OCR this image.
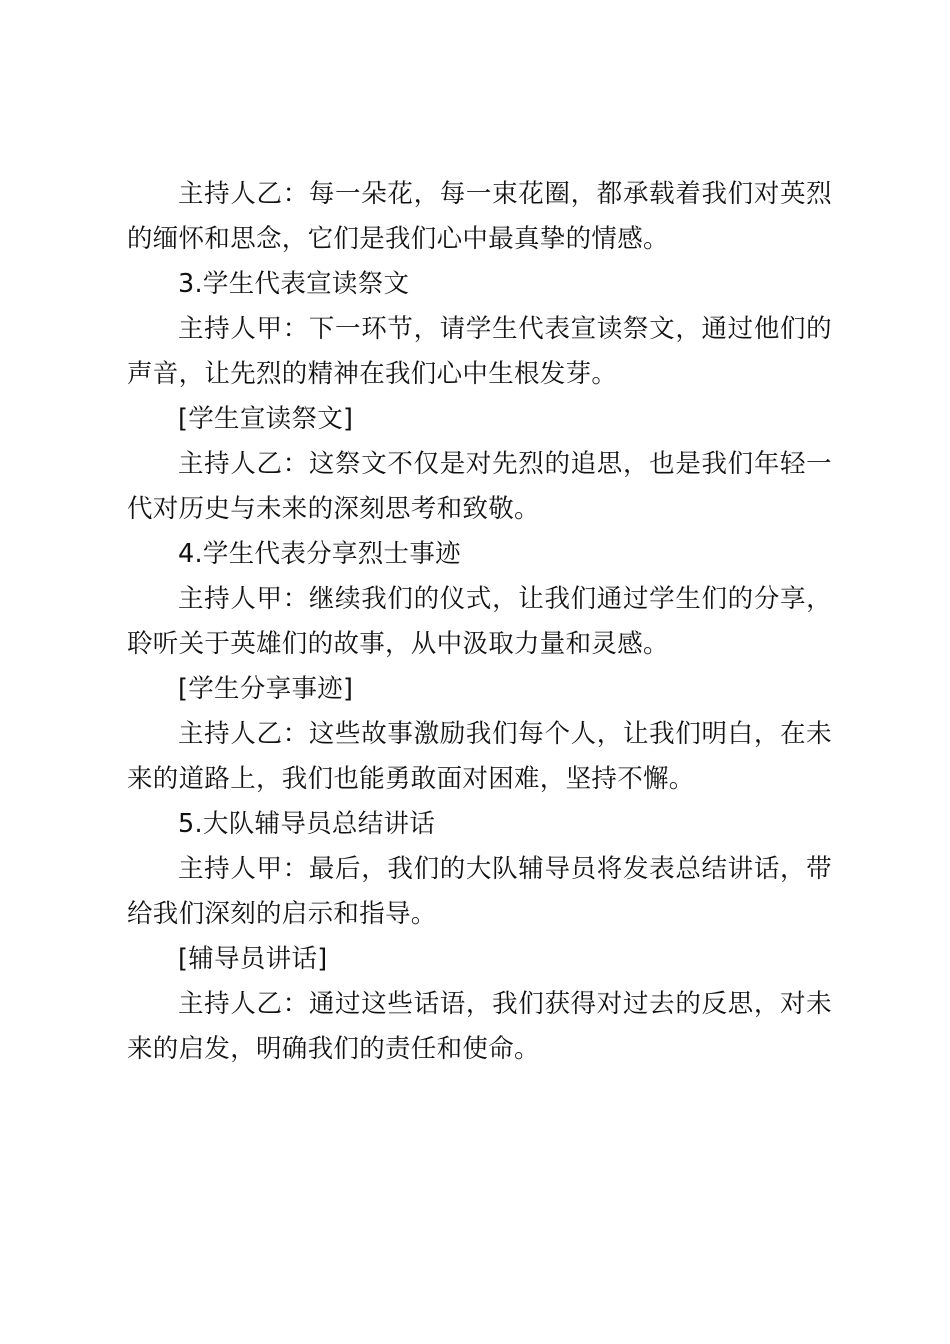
主持人乙：每一朵花，每一束花圈，都承载着我们对英烈的缅怀和思念，它们是我们心中最真挚的情感。

3.学生代表宣读祭文

主持人甲：下一环节，请学生代表宣读祭文，通过他们的声音，让先烈的精神在我们心中生根发芽。

[学生宣读祭文]

主持人乙：这祭文不仅是对先烈的追思，也是我们年轻一代对历史与未来的深刻思考和致敬。

4.学生代表分享烈士事迹

主持人甲：继续我们的仪式，让我们通过学生们的分享，聆听关于英雄们的故事，从中汲取力量和灵感。

[学生分享事迹]

主持人乙：这些故事激励我们每个人，让我们明白，在未来的道路上，我们也能勇敢面对困难，坚持不懈。

5.大队辅导员总结讲话

主持人甲：最后，我们的大队辅导员将发表总结讲话，带给我们深刻的启示和指导。

[辅导员讲话]

主持人乙：通过这些话语，我们获得对过去的反思，对未来的启发，明确我们的责任和使命。
